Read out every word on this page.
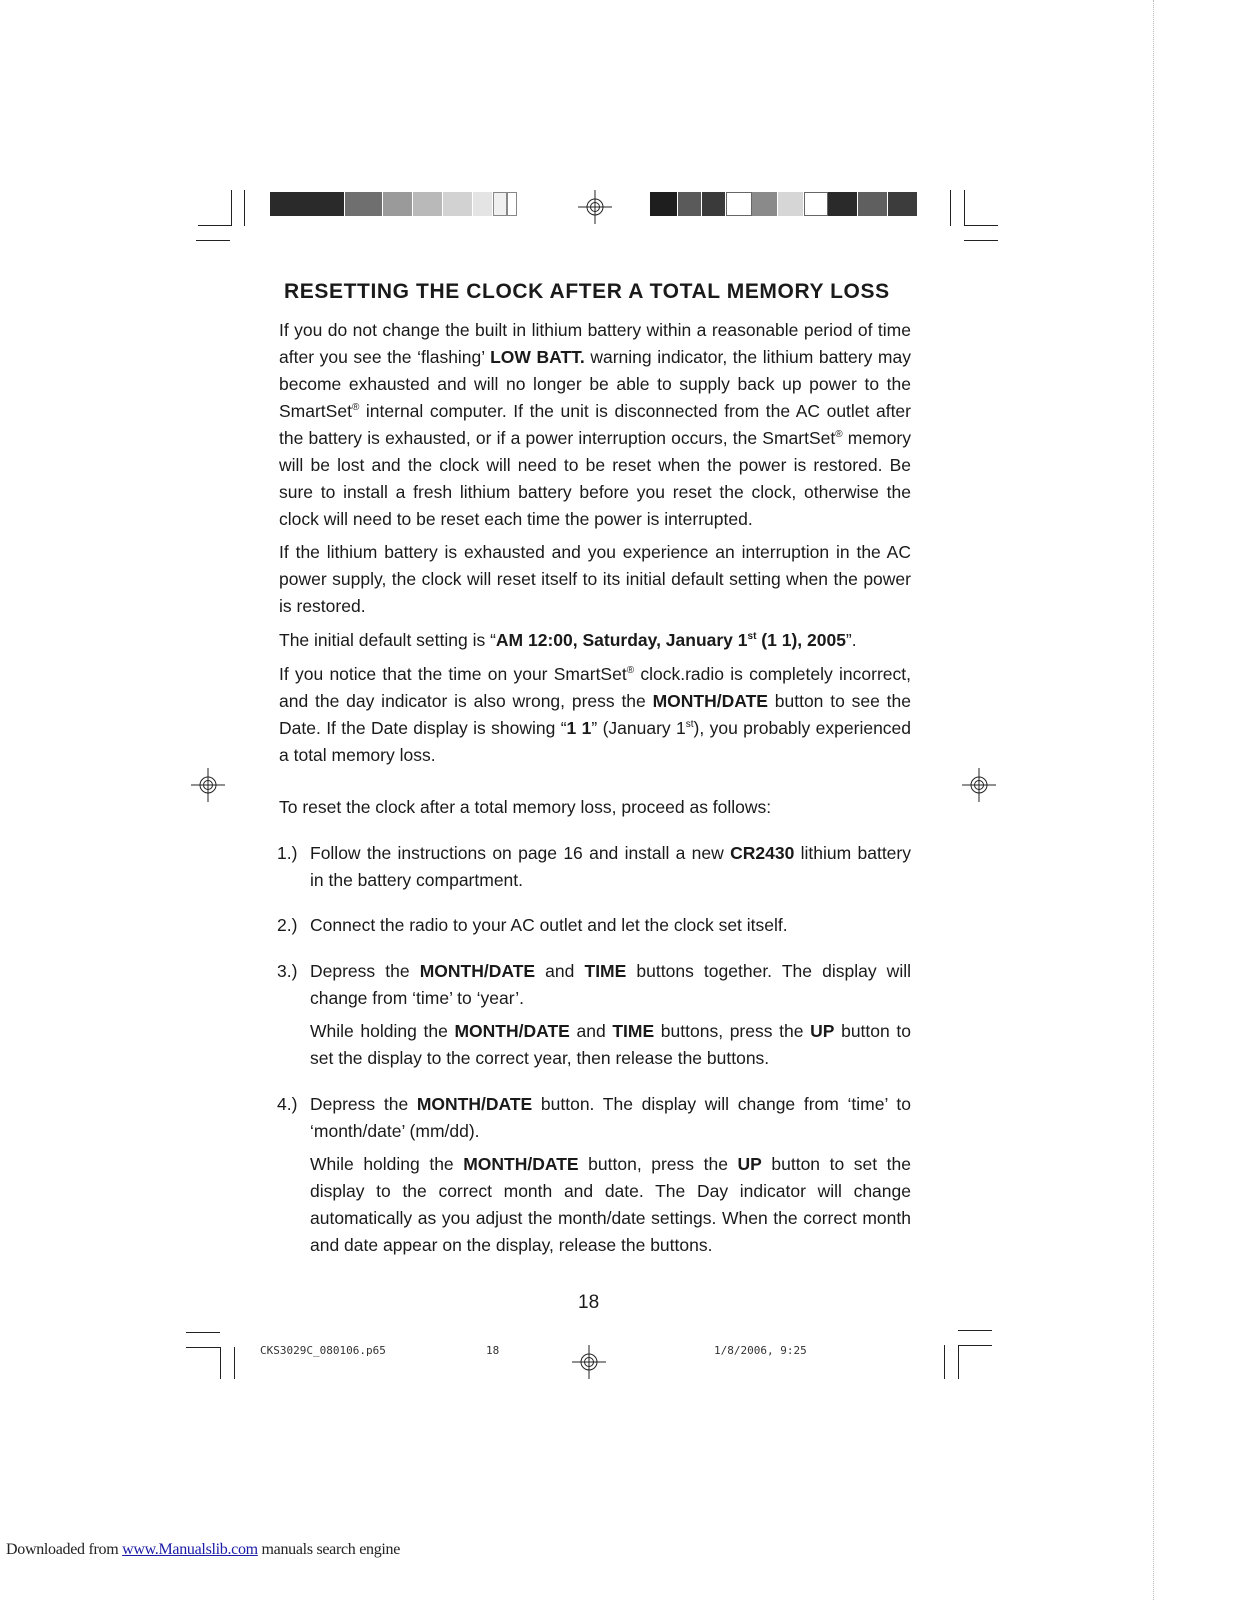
RESETTING THE CLOCK AFTER A TOTAL MEMORY LOSS

If you do not change the built in lithium battery within a reasonable period of time after you see the ‘flashing’ LOW BATT. warning indicator, the lithium battery may become exhausted and will no longer be able to supply back up power to the SmartSet® internal computer. If the unit is disconnected from the AC outlet after the battery is exhausted, or if a power interruption occurs, the SmartSet® memory will be lost and the clock will need to be reset when the power is restored. Be sure to install a fresh lithium battery before you reset the clock, otherwise the clock will need to be reset each time the power is interrupted.

If the lithium battery is exhausted and you experience an interruption in the AC power supply, the clock will reset itself to its initial default setting when the power is restored.

The initial default setting is “AM 12:00, Saturday, January 1st (1 1), 2005”.

If you notice that the time on your SmartSet® clock.radio is completely incorrect, and the day indicator is also wrong, press the MONTH/DATE button to see the Date. If the Date display is showing “1 1” (January 1st), you probably experienced a total memory loss.

To reset the clock after a total memory loss, proceed as follows:

1.) Follow the instructions on page 16 and install a new CR2430 lithium battery in the battery compartment.
2.) Connect the radio to your AC outlet and let the clock set itself.
3.) Depress the MONTH/DATE and TIME buttons together. The display will change from ‘time’ to ‘year’.
While holding the MONTH/DATE and TIME buttons, press the UP button to set the display to the correct year, then release the buttons.
4.) Depress the MONTH/DATE button. The display will change from ‘time’ to ‘month/date’ (mm/dd).
While holding the MONTH/DATE button, press the UP button to set the display to the correct month and date. The Day indicator will change automatically as you adjust the month/date settings. When the correct month and date appear on the display, release the buttons.
18
CKS3029C_080106.p65	18	1/8/2006, 9:25
Downloaded from www.Manualslib.com manuals search engine
